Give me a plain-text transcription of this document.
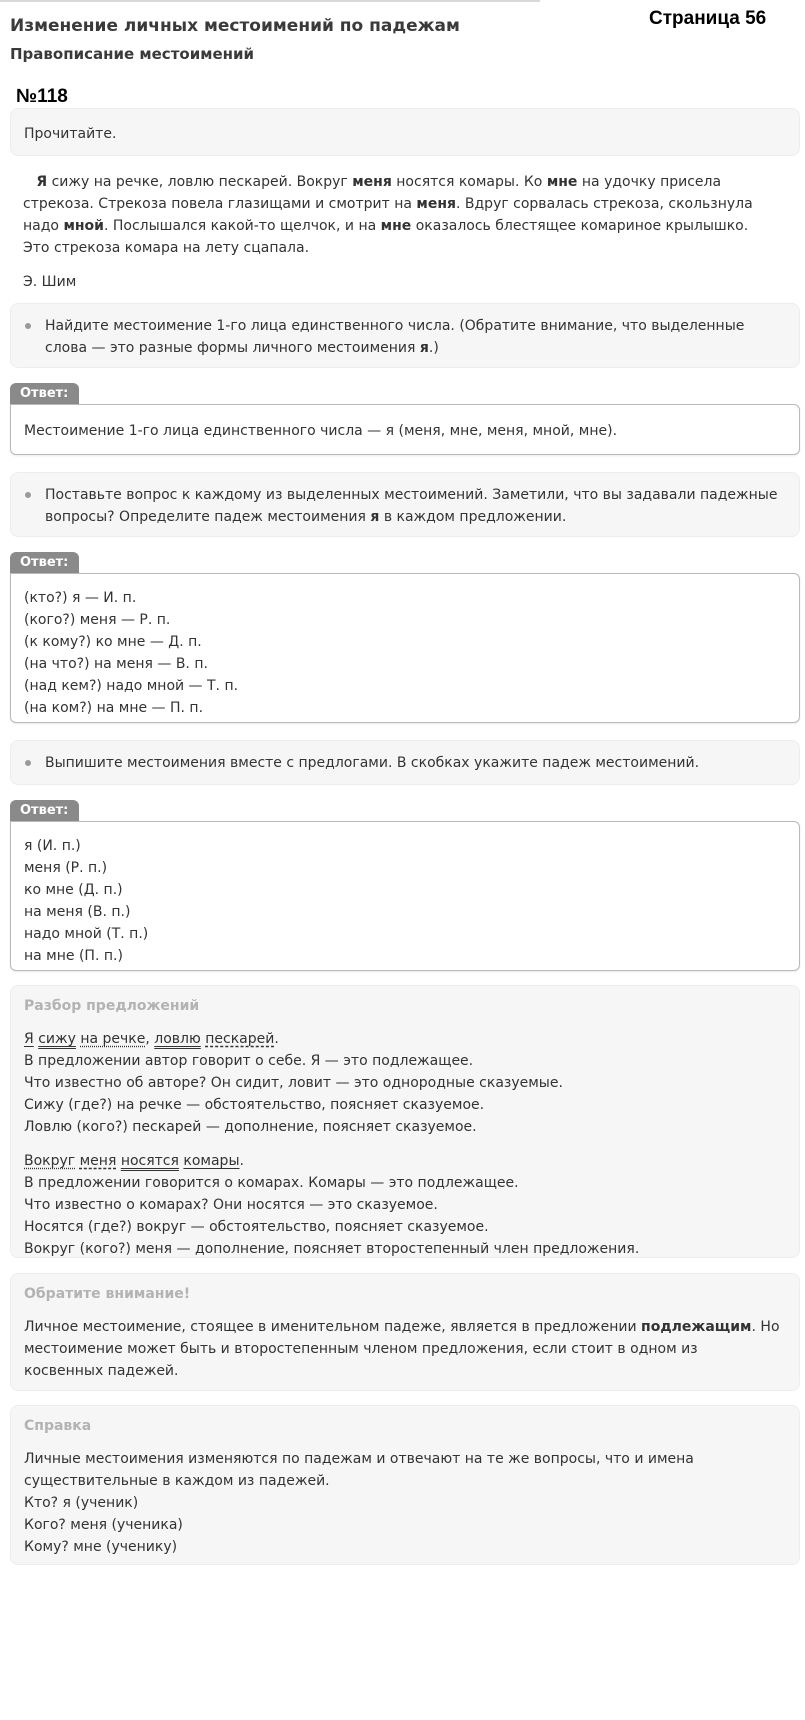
Изменение личных местоимений по падежам
Правописание местоимений
Страница 56
№118
Прочитайте.
Я сижу на речке, ловлю пескарей. Вокруг меня носятся комары. Ко мне на удочку присела
стрекоза. Стрекоза повела глазищами и смотрит на меня. Вдруг сорвалась стрекоза, скользнула
надо мной. Послышался какой-то щелчок, и на мне оказалось блестящее комариное крылышко.
Это стрекоза комара на лету сцапала.
Э. Шим
Найдите местоимение 1-го лица единственного числа. (Обратите внимание, что выделенные
слова — это разные формы личного местоимения я.)
Ответ:
Местоимение 1-го лица единственного числа — я (меня, мне, меня, мной, мне).
Поставьте вопрос к каждому из выделенных местоимений. Заметили, что вы задавали падежные
вопросы? Определите падеж местоимения я в каждом предложении.
Ответ:
(кто?) я — И. п.
(кого?) меня — Р. п.
(к кому?) ко мне — Д. п.
(на что?) на меня — В. п.
(над кем?) надо мной — Т. п.
(на ком?) на мне — П. п.
Выпишите местоимения вместе с предлогами. В скобках укажите падеж местоимений.
Ответ:
я (И. п.)
меня (Р. п.)
ко мне (Д. п.)
на меня (В. п.)
надо мной (Т. п.)
на мне (П. п.)
Разбор предложений
Я сижу на речке, ловлю пескарей.
В предложении автор говорит о себе. Я — это подлежащее.
Что известно об авторе? Он сидит, ловит — это однородные сказуемые.
Сижу (где?) на речке — обстоятельство, поясняет сказуемое.
Ловлю (кого?) пескарей — дополнение, поясняет сказуемое.
Вокруг меня носятся комары.
В предложении говорится о комарах. Комары — это подлежащее.
Что известно о комарах? Они носятся — это сказуемое.
Носятся (где?) вокруг — обстоятельство, поясняет сказуемое.
Вокруг (кого?) меня — дополнение, поясняет второстепенный член предложения.
Обратите внимание!
Личное местоимение, стоящее в именительном падеже, является в предложении подлежащим. Но
местоимение может быть и второстепенным членом предложения, если стоит в одном из
косвенных падежей.
Справка
Личные местоимения изменяются по падежам и отвечают на те же вопросы, что и имена
существительные в каждом из падежей.
Кто? я (ученик)
Кого? меня (ученика)
Кому? мне (ученику)
